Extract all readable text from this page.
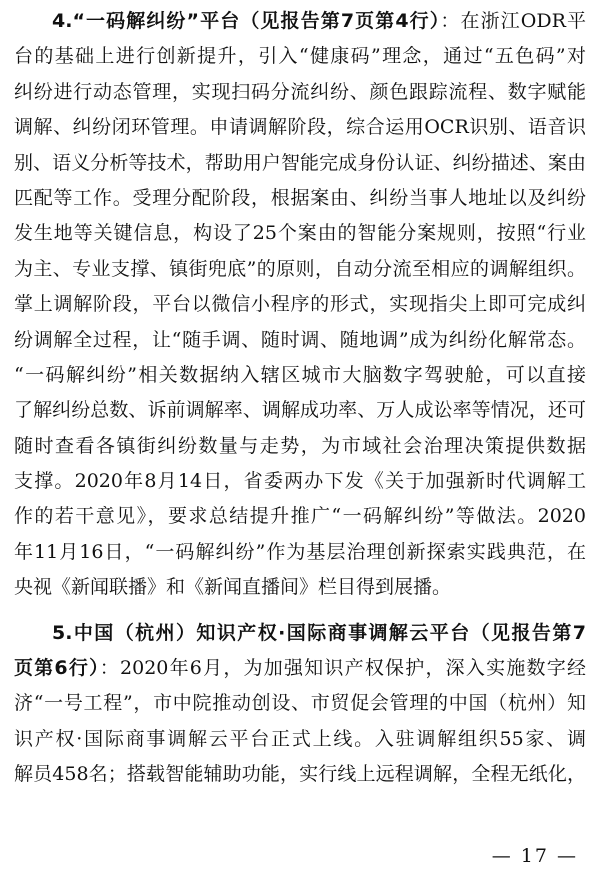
4.“一码解纠纷”平台（见报告第7页第4行）：在浙江ODR平
台的基础上进行创新提升，引入“健康码”理念，通过“五色码”对
纠纷进行动态管理，实现扫码分流纠纷、颜色跟踪流程、数字赋能
调解、纠纷闭环管理。申请调解阶段，综合运用OCR识别、语音识
别、语义分析等技术，帮助用户智能完成身份认证、纠纷描述、案由
匹配等工作。受理分配阶段，根据案由、纠纷当事人地址以及纠纷
发生地等关键信息，构设了25个案由的智能分案规则，按照“行业
为主、专业支撑、镇街兜底”的原则，自动分流至相应的调解组织。
掌上调解阶段，平台以微信小程序的形式，实现指尖上即可完成纠
纷调解全过程，让“随手调、随时调、随地调”成为纠纷化解常态。
“一码解纠纷”相关数据纳入辖区城市大脑数字驾驶舱，可以直接
了解纠纷总数、诉前调解率、调解成功率、万人成讼率等情况，还可
随时查看各镇街纠纷数量与走势，为市域社会治理决策提供数据
支撑。2020年8月14日，省委两办下发《关于加强新时代调解工
作的若干意见》，要求总结提升推广“一码解纠纷”等做法。2020
年11月16日，“一码解纠纷”作为基层治理创新探索实践典范，在
央视《新闻联播》和《新闻直播间》栏目得到展播。
5.中国（杭州）知识产权·国际商事调解云平台（见报告第7
页第6行）：2020年6月，为加强知识产权保护，深入实施数字经
济“一号工程”，市中院推动创设、市贸促会管理的中国（杭州）知
识产权·国际商事调解云平台正式上线。入驻调解组织55家、调
解员458名；搭载智能辅助功能，实行线上远程调解，全程无纸化，
— 17 —
